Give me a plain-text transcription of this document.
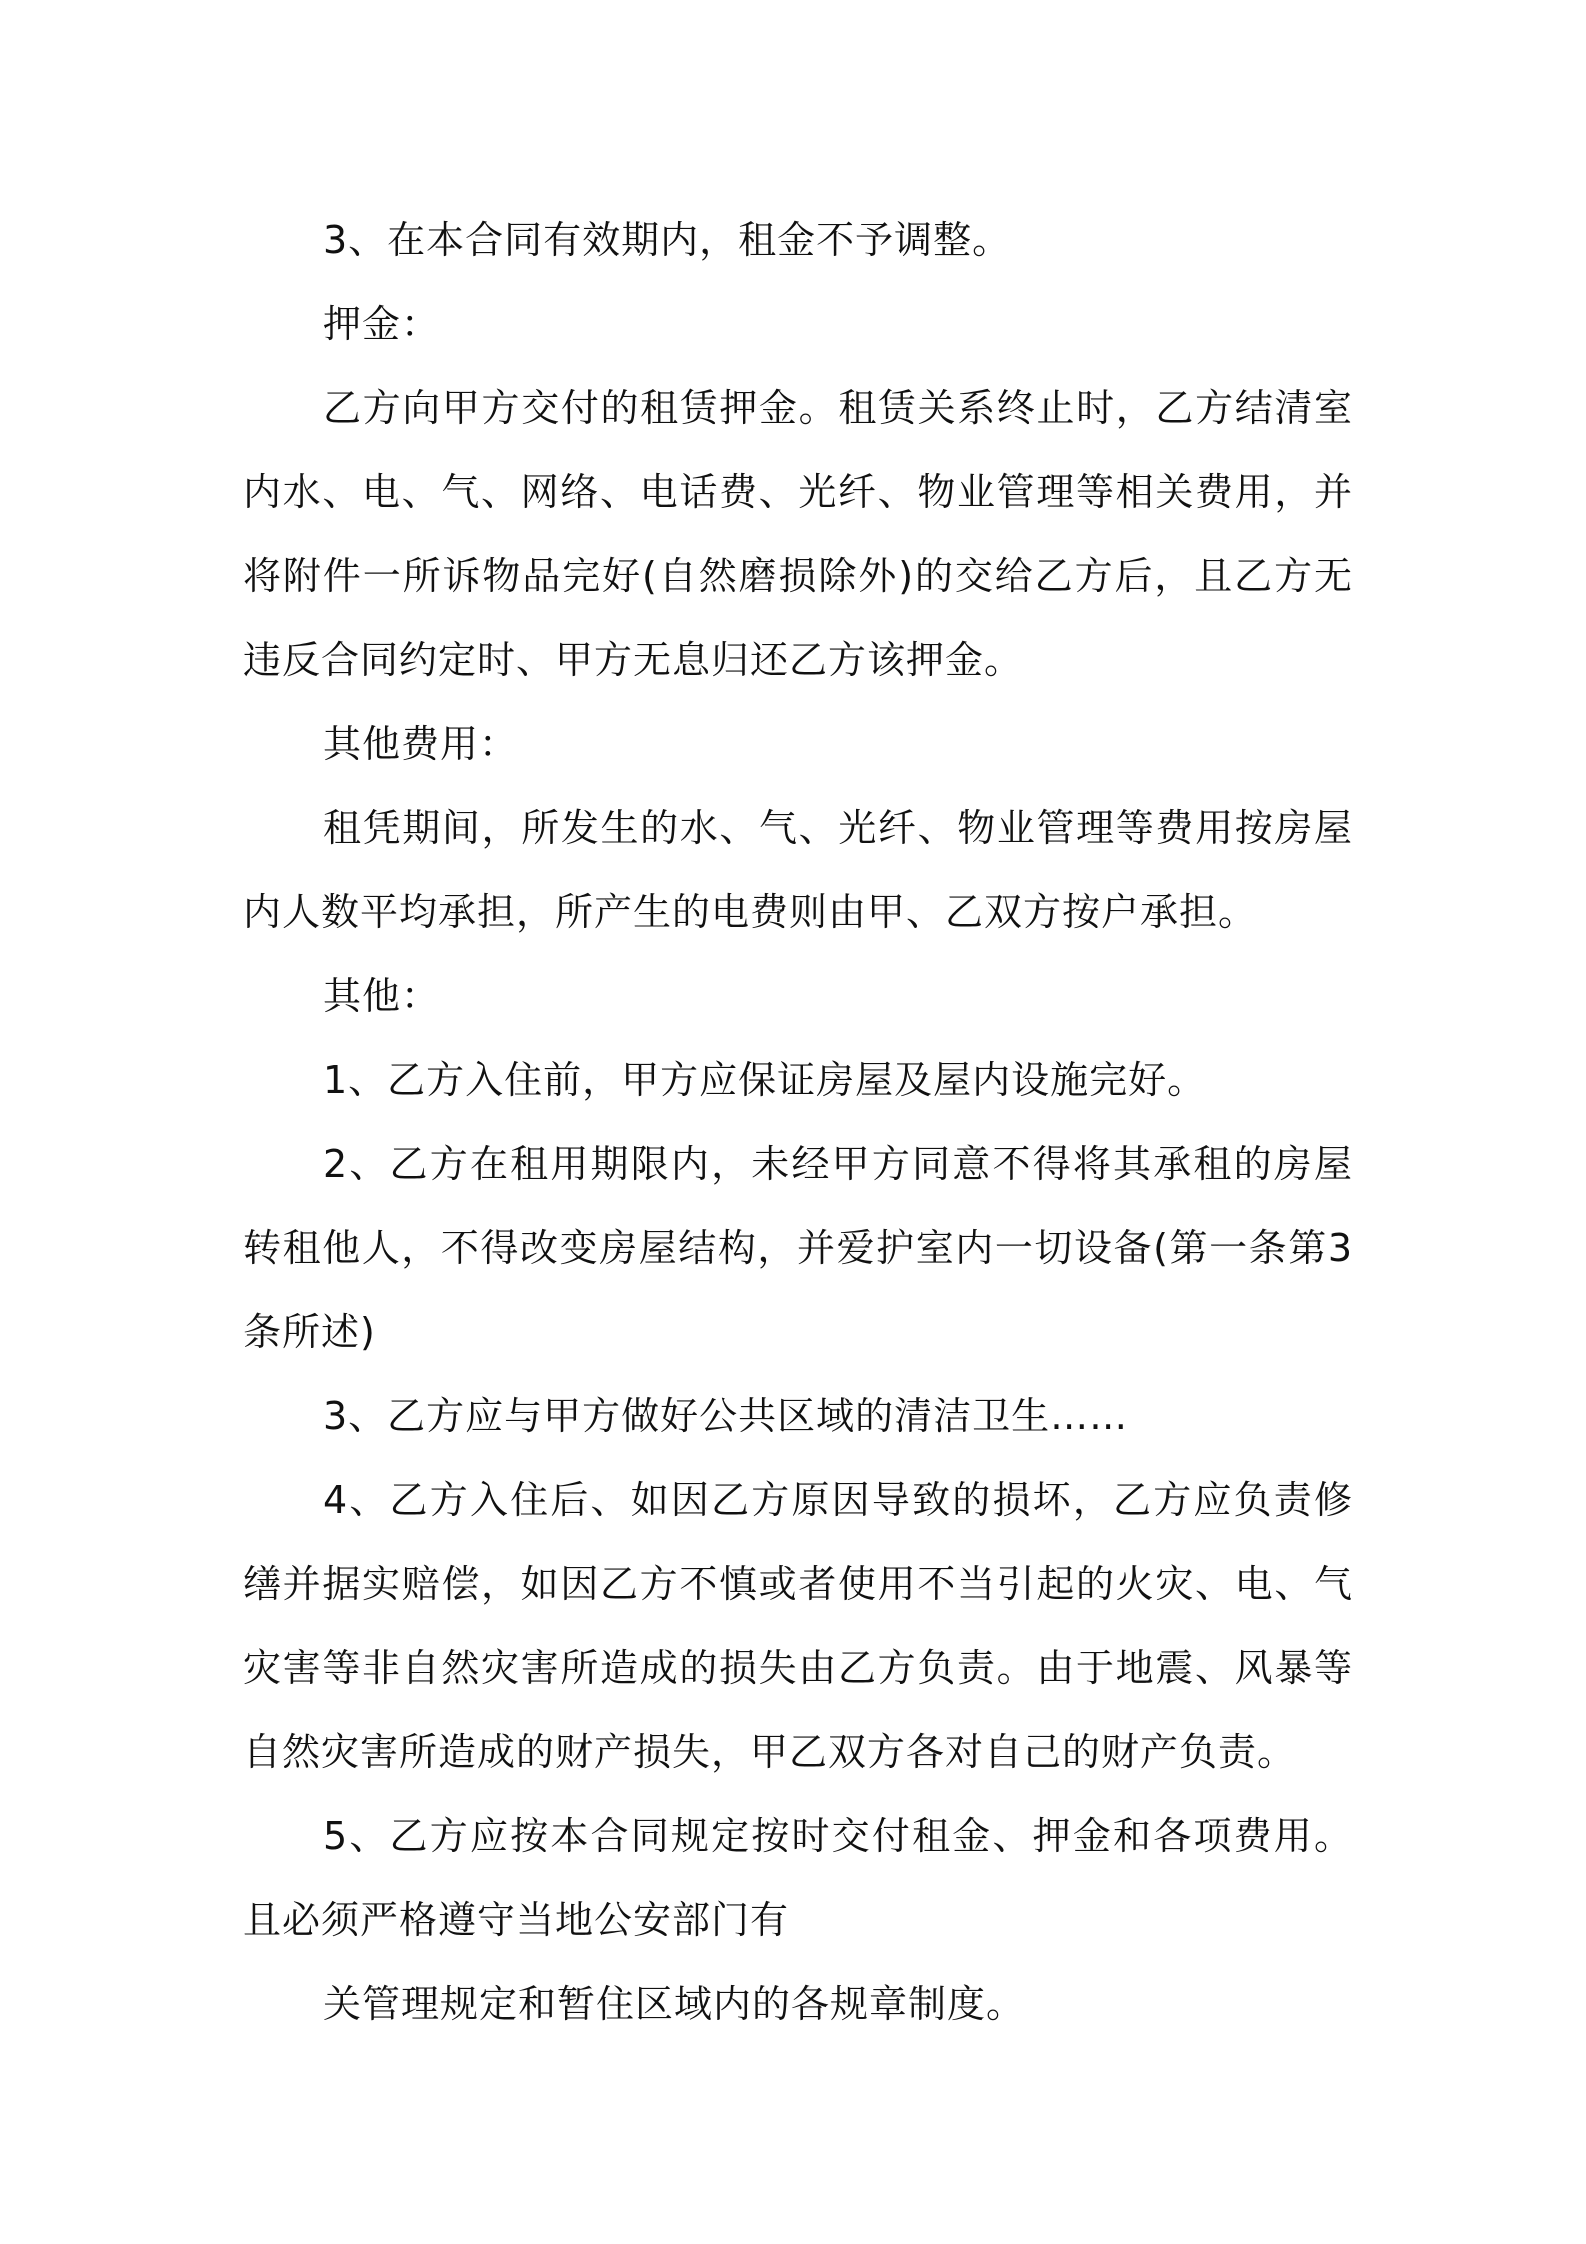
3、在本合同有效期内，租金不予调整。

押金：

乙方向甲方交付的租赁押金。租赁关系终止时，乙方结清室内水、电、气、网络、电话费、光纤、物业管理等相关费用，并将附件一所诉物品完好(自然磨损除外)的交给乙方后，且乙方无违反合同约定时、甲方无息归还乙方该押金。

其他费用：

租凭期间，所发生的水、气、光纤、物业管理等费用按房屋内人数平均承担，所产生的电费则由甲、乙双方按户承担。

其他：

1、乙方入住前，甲方应保证房屋及屋内设施完好。

2、乙方在租用期限内，未经甲方同意不得将其承租的房屋转租他人，不得改变房屋结构，并爱护室内一切设备(第一条第3条所述)

3、乙方应与甲方做好公共区域的清洁卫生……

4、乙方入住后、如因乙方原因导致的损坏，乙方应负责修缮并据实赔偿，如因乙方不慎或者使用不当引起的火灾、电、气灾害等非自然灾害所造成的损失由乙方负责。由于地震、风暴等自然灾害所造成的财产损失，甲乙双方各对自己的财产负责。

5、乙方应按本合同规定按时交付租金、押金和各项费用。且必须严格遵守当地公安部门有

关管理规定和暂住区域内的各规章制度。
